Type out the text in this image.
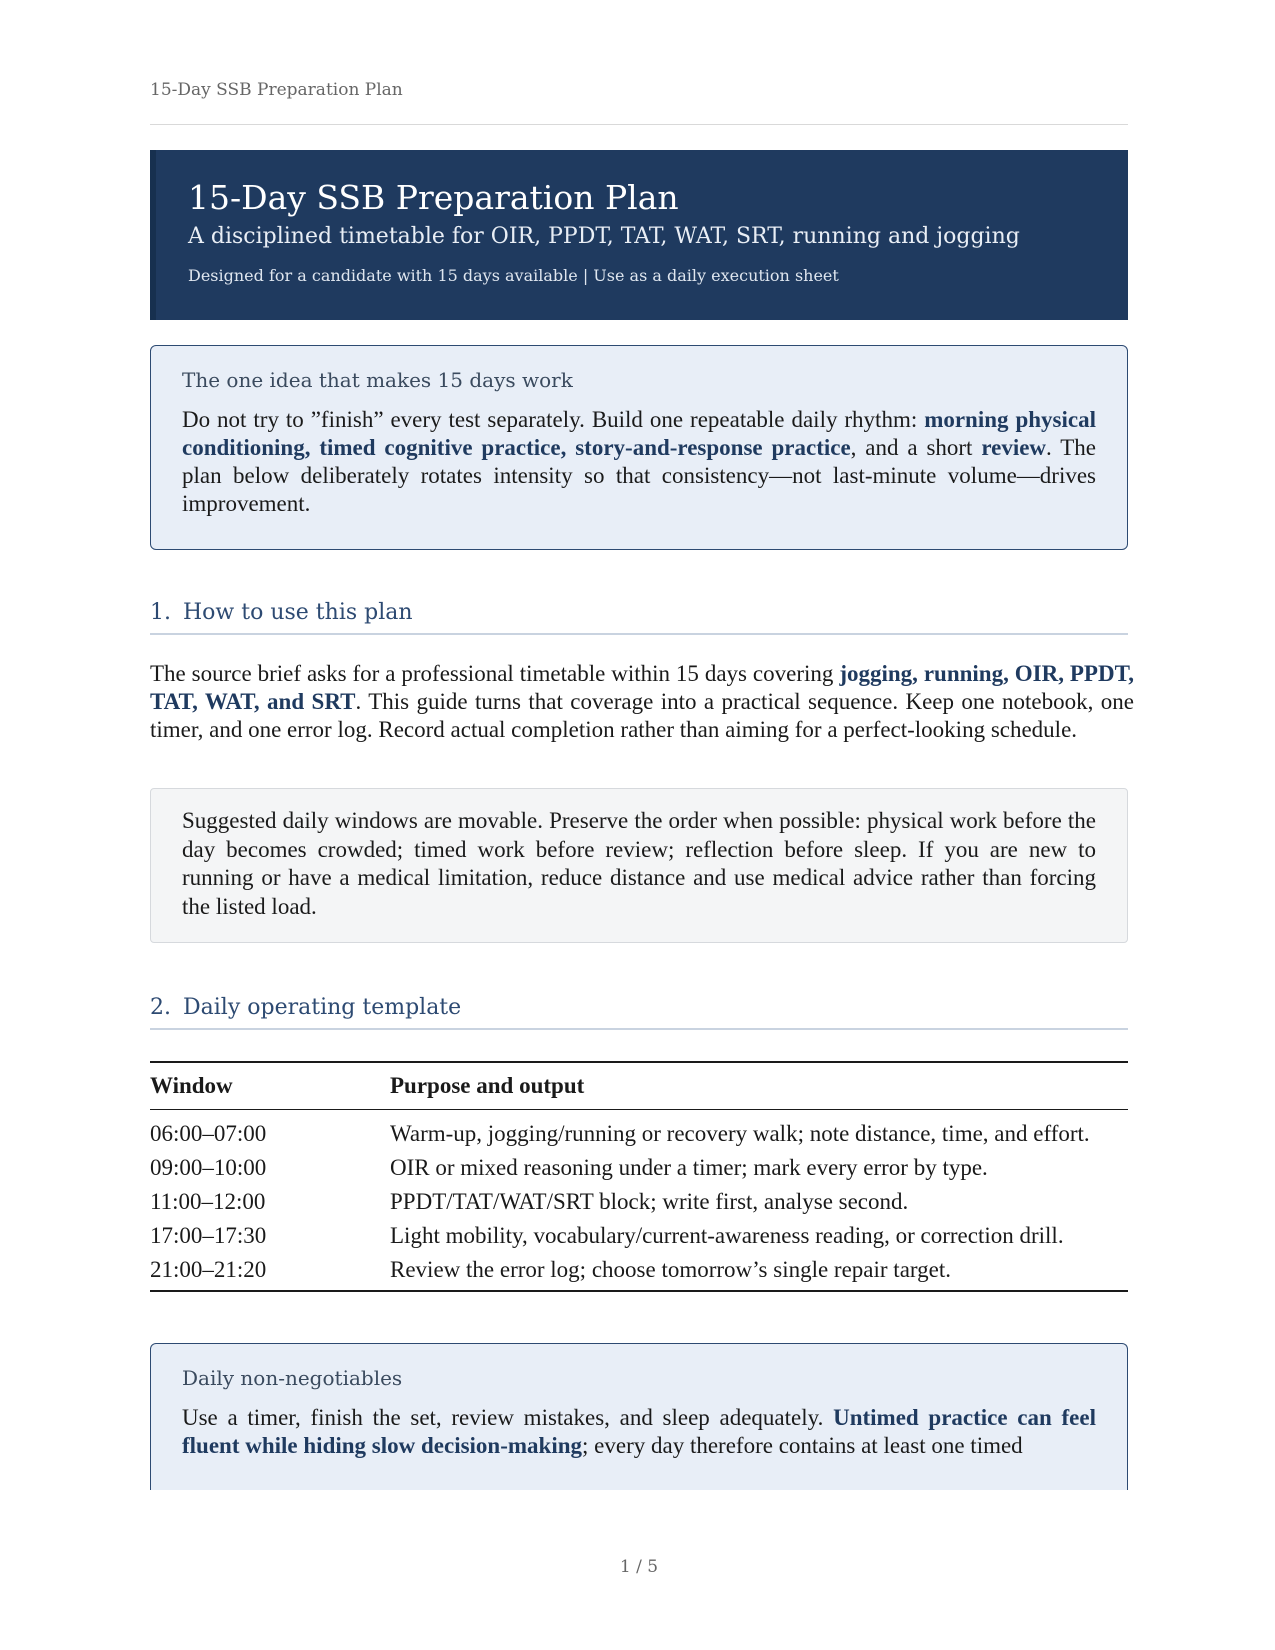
15-Day SSB Preparation Plan
15-Day SSB Preparation Plan
A disciplined timetable for OIR, PPDT, TAT, WAT, SRT, running and jogging
Designed for a candidate with 15 days available | Use as a daily execution sheet
The one idea that makes 15 days work
Do not try to ”finish” every test separately. Build one repeatable daily rhythm: morning physical conditioning, timed cognitive practice, story-and-response practice, and a short review. The plan below deliberately rotates intensity so that consistency—not last-minute volume—drives improvement.
1. How to use this plan
The source brief asks for a professional timetable within 15 days covering jogging, running, OIR, PPDT, TAT, WAT, and SRT. This guide turns that coverage into a practical sequence. Keep one notebook, one timer, and one error log. Record actual completion rather than aiming for a perfect-looking schedule.
Suggested daily windows are movable. Preserve the order when possible: physical work before the day becomes crowded; timed work before review; reflection before sleep. If you are new to running or have a medical limitation, reduce distance and use medical advice rather than forcing the listed load.
2. Daily operating template
Window	Purpose and output
06:00–07:00	Warm-up, jogging/running or recovery walk; note distance, time, and effort.
09:00–10:00	OIR or mixed reasoning under a timer; mark every error by type.
11:00–12:00	PPDT/TAT/WAT/SRT block; write first, analyse second.
17:00–17:30	Light mobility, vocabulary/current-awareness reading, or correction drill.
21:00–21:20	Review the error log; choose tomorrow’s single repair target.
Daily non-negotiables
Use a timer, finish the set, review mistakes, and sleep adequately. Untimed practice can feel fluent while hiding slow decision-making; every day therefore contains at least one timed
1 / 5
